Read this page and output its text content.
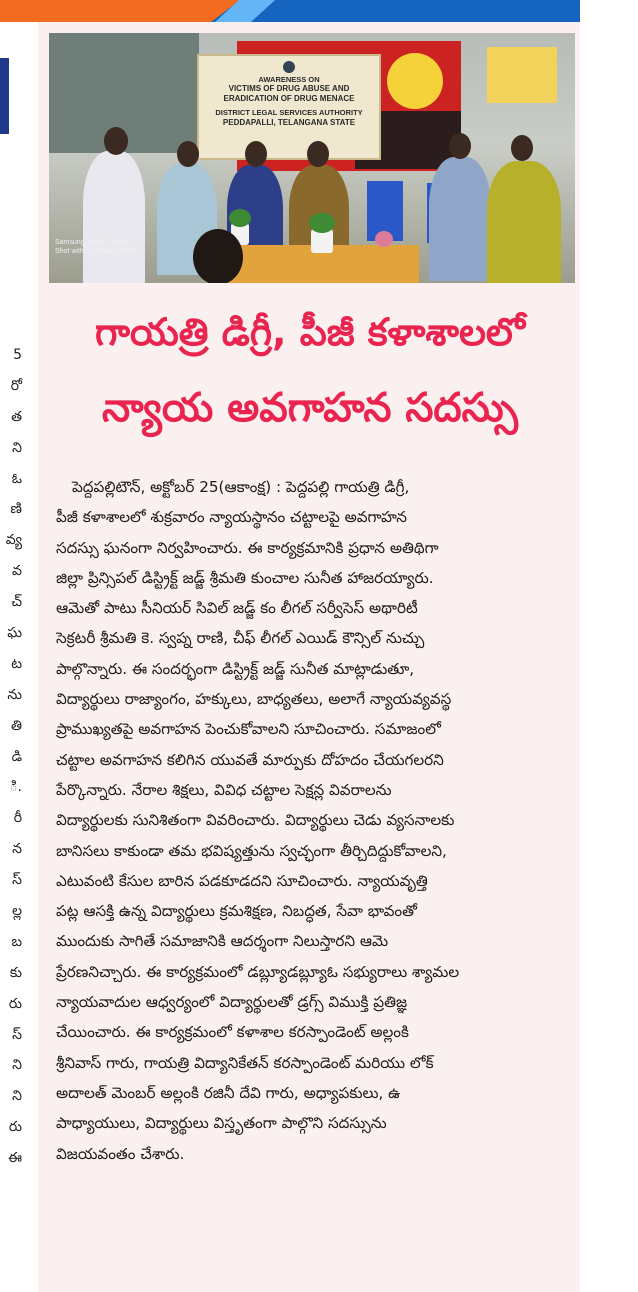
5
రో
త
ని
ఓ
ణి
వ్య
వ
చ్
ఘ
ట
ను
తి
డి
ి.
రీ
న
స్
ల్ల
బ
కు
రు
స్
ని
ని
రు
ఈ
AWARENESS ON
VICTIMS OF DRUG ABUSE AND
ERADICATION OF DRUG MENACE
DISTRICT LEGAL SERVICES AUTHORITY
PEDDAPALLI, TELANGANA STATE
Samsung Triple Camera
Shot with my Galaxy M30s
గాయత్రి డిగ్రీ, పీజీ కళాశాలలో
న్యాయ అవగాహన సదస్సు
పెద్దపల్లిటౌన్, అక్టోబర్ 25(ఆకాంక్ష) : పెద్దపల్లి గాయత్రి డిగ్రీ,
పీజీ కళాశాలలో శుక్రవారం న్యాయస్థానం చట్టాలపై అవగాహన
సదస్సు ఘనంగా నిర్వహించారు. ఈ కార్యక్రమానికి ప్రధాన అతిథిగా
జిల్లా ప్రిన్సిపల్ డిస్ట్రిక్ట్ జడ్జ్ శ్రీమతి కుంచాల సునీత హాజరయ్యారు.
ఆమెతో పాటు సీనియర్ సివిల్ జడ్జ్ కం లీగల్ సర్వీసెస్ అథారిటీ
సెక్రటరీ శ్రీమతి కె. స్వప్న రాణి, చీఫ్ లీగల్ ఎయిడ్ కౌన్సిల్ నుచ్చు
పాల్గొన్నారు. ఈ సందర్భంగా డిస్ట్రిక్ట్ జడ్జ్ సునీత మాట్లాడుతూ,
విద్యార్థులు రాజ్యాంగం, హక్కులు, బాధ్యతలు, అలాగే న్యాయవ్యవస్థ
ప్రాముఖ్యతపై అవగాహన పెంచుకోవాలని సూచించారు. సమాజంలో
చట్టాల అవగాహన కలిగిన యువతే మార్పుకు దోహదం చేయగలరని
పేర్కొన్నారు. నేరాల శిక్షలు, వివిధ చట్టాల సెక్షన్ల వివరాలను
విద్యార్థులకు సునిశితంగా వివరించారు. విద్యార్థులు చెడు వ్యసనాలకు
బానిసలు కాకుండా తమ భవిష్యత్తును స్వచ్ఛంగా తీర్చిదిద్దుకోవాలని,
ఎటువంటి కేసుల బారిన పడకూడదని సూచించారు. న్యాయవృత్తి
పట్ల ఆసక్తి ఉన్న విద్యార్థులు క్రమశిక్షణ, నిబద్ధత, సేవా భావంతో
ముందుకు సాగితే సమాజానికి ఆదర్శంగా నిలుస్తారని ఆమె
ప్రేరణనిచ్చారు. ఈ కార్యక్రమంలో డబ్ల్యూడబ్ల్యూఓ సభ్యురాలు శ్యామల
న్యాయవాదుల ఆధ్వర్యంలో విద్యార్థులతో డ్రగ్స్ విముక్తి ప్రతిజ్ఞ
చేయించారు. ఈ కార్యక్రమంలో కళాశాల కరస్పాండెంట్ అల్లంకి
శ్రీనివాస్ గారు, గాయత్రి విద్యానికేతన్ కరస్పాండెంట్ మరియు లోక్
అదాలత్ మెంబర్ అల్లంకి రజినీ దేవి గారు, అధ్యాపకులు, ఉ
పాధ్యాయులు, విద్యార్థులు విస్తృతంగా పాల్గొని సదస్సును
విజయవంతం చేశారు.
